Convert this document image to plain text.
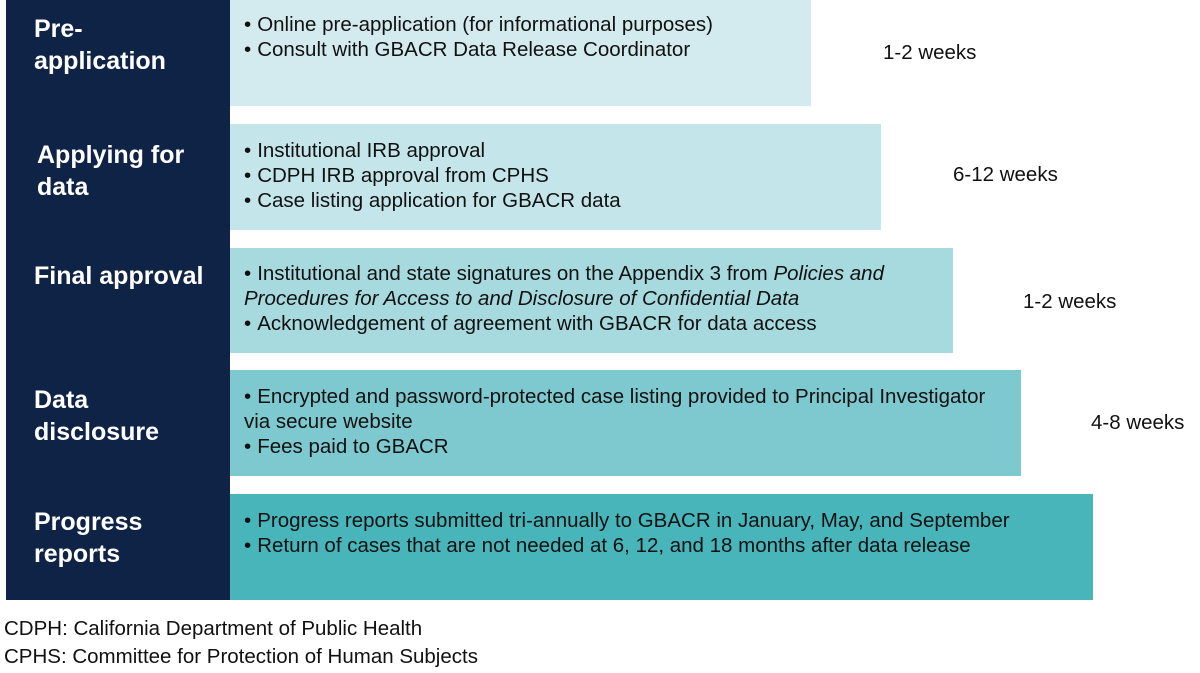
Pre-application
Applying for data
Final approval
Data disclosure
Progress reports
• Online pre-application (for informational purposes)
• Consult with GBACR Data Release Coordinator	1-2 weeks
• Institutional IRB approval
• CDPH IRB approval from CPHS
• Case listing application for GBACR data
6-12 weeks
• Institutional and state signatures on the Appendix 3 from Policies and Procedures for Access to and Disclosure of Confidential Data
• Acknowledgement of agreement with GBACR for data access
1-2 weeks
• Encrypted and password-protected case listing provided to Principal Investigator via secure website
• Fees paid to GBACR
4-8 weeks
• Progress reports submitted tri-annually to GBACR in January, May, and September
• Return of cases that are not needed at 6, 12, and 18 months after data release
CDPH: California Department of Public Health
CPHS: Committee for Protection of Human Subjects
